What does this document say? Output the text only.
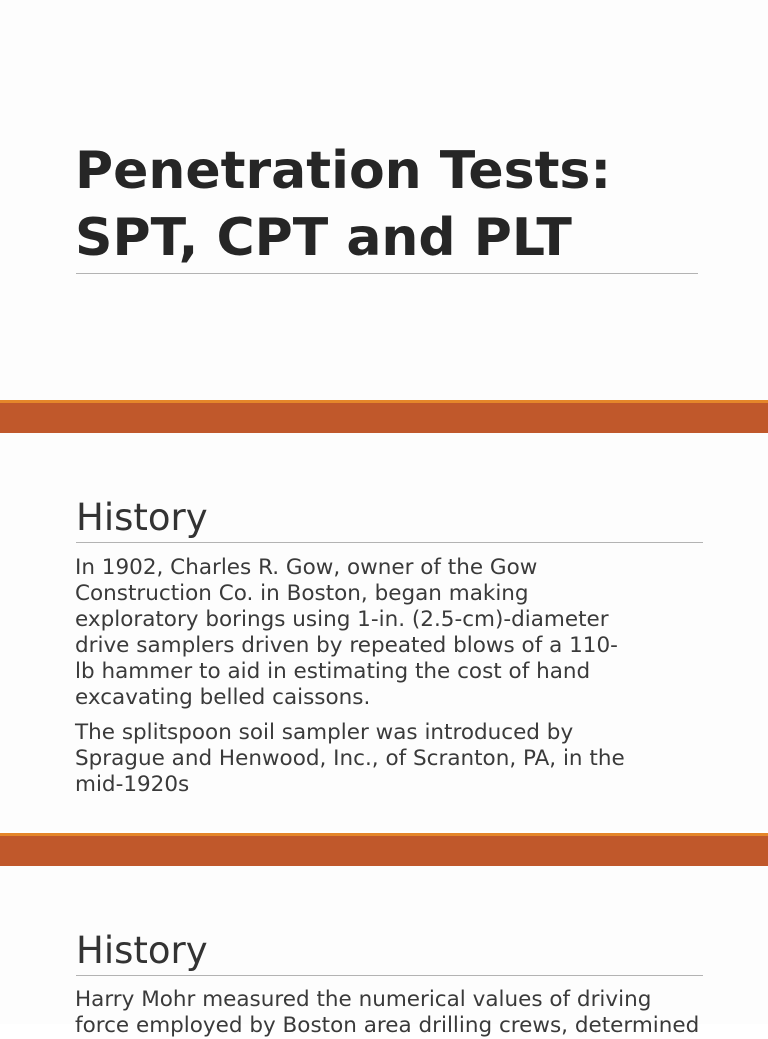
Penetration Tests:
SPT, CPT and PLT
History

In 1902, Charles R. Gow, owner of the Gow
Construction Co. in Boston, began making
exploratory borings using 1-in. (2.5-cm)-diameter
drive samplers driven by repeated blows of a 110-
lb hammer to aid in estimating the cost of hand
excavating belled caissons.

The splitspoon soil sampler was introduced by
Sprague and Henwood, Inc., of Scranton, PA, in the
mid-1920s

History

Harry Mohr measured the numerical values of driving
force employed by Boston area drilling crews, determined
